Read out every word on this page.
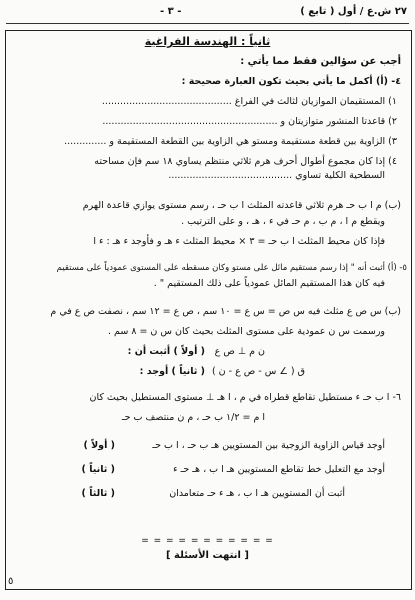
٢٧ ش.ع / أول ( تابع )
- ٣ -
ثانياً : الهندسة الفراغية
أجب عن سؤالين فقط مما يأتي :
٤- (أ) أكمل ما يأتي بحيث تكون العبارة صحيحة :
١) المستقيمان الموازيان لثالث في الفراغ ...........................................
٢) قاعدتا المنشور متوازيتان و ..........................................................
٣) الزاوية بين قطعة مستقيمة ومستو هي الزاوية بين القطعة المستقيمة و ..............
٤) إذا كان مجموع أطوال أحرف هرم ثلاثي منتظم يساوي ١٨ سم فإن مساحته
السطحية الكلية تساوي .........................................
(ب) م ا ب حـ هرم ثلاثي قاعدته المثلث ا ب حـ ، رسم مستوى يوازي قاعدة الهرم
ويقطع م ا ، م ب ، م حـ في ء ، هـ ، و على الترتيب .
فإذا كان محيط المثلث ا ب حـ = ٣ × محيط المثلث ء هـ و فأوجد ء هـ : ء ا
٥- (أ) أثبت أنه " إذا رسم مستقيم مائل على مستو وكان مسقطه على المستوى عمودياً على مستقيم
فيه كان هذا المستقيم المائل عمودياً على ذلك المستقيم " .
(ب) س ص ع مثلث فيه س ص = س ع = ١٠ سم ، ص ع = ١٢ سم ، نصفت ص ع في م
ورسمت س ن عمودية على مستوى المثلث بحيث كان س ن = ٨ سم .
( أولاً ) أثبت أن : ن م ⊥ ص ع
( ثانياً ) أوجد : ق ( ∠ س - ص ع - ن )
٦- ا ب حـ ء مستطيل تقاطع قطراه في م ، ا هـ ⊥ مستوى المستطيل بحيث كان
ا م = ١/٢ ب حـ ، م ن منتصف ب حـ
( أولاً )	أوجد قياس الزاوية الزوجية بين المستويين هـ ب حـ ، ا ب حـ
( ثانياً )	أوجد مع التعليل خط تقاطع المستويين هـ ا ب ، هـ حـ ء
( ثالثاً )	أثبت أن المستويين هـ ا ب ، هـ ء حـ متعامدان
= = = = = = = = = = =
[ انتهت الأسئلة ]
٥
